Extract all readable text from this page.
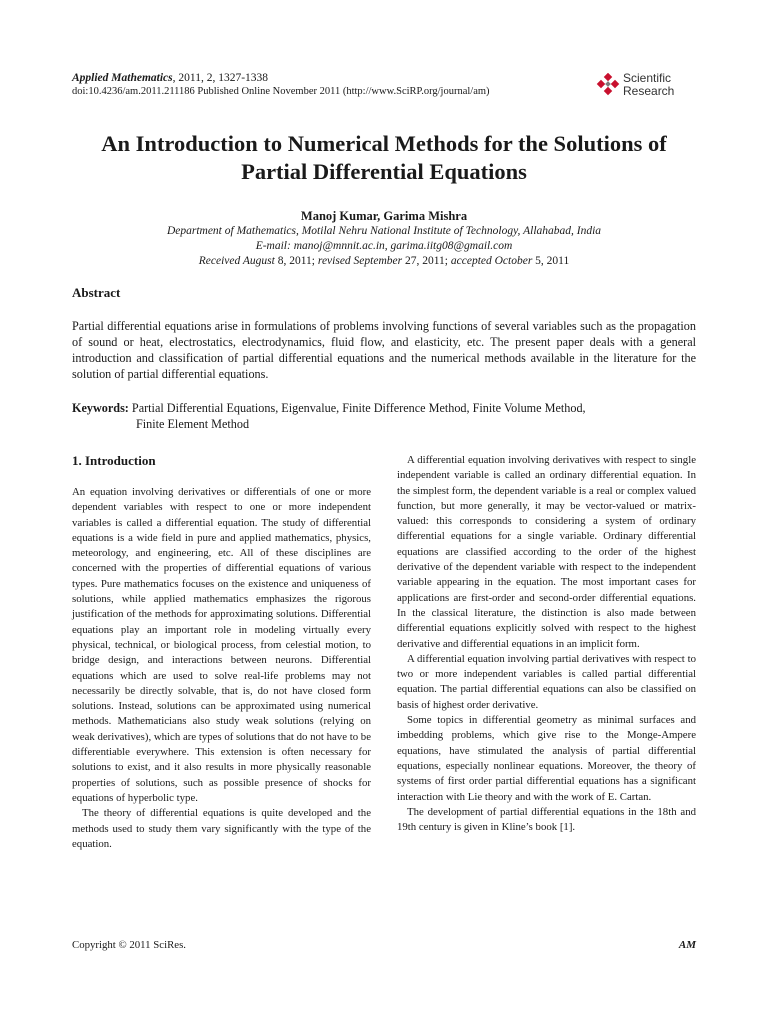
Applied Mathematics, 2011, 2, 1327-1338
doi:10.4236/am.2011.211186 Published Online November 2011 (http://www.SciRP.org/journal/am)
Scientific
Research
An Introduction to Numerical Methods for the Solutions of
Partial Differential Equations
Manoj Kumar, Garima Mishra
Department of Mathematics, Motilal Nehru National Institute of Technology, Allahabad, India
E-mail: manoj@mnnit.ac.in, garima.iitg08@gmail.com
Received August 8, 2011; revised September 27, 2011; accepted October 5, 2011
Abstract
Partial differential equations arise in formulations of problems involving functions of several variables such as the propagation of sound or heat, electrostatics, electrodynamics, fluid flow, and elasticity, etc. The present paper deals with a general introduction and classification of partial differential equations and the numerical methods available in the literature for the solution of partial differential equations.
Keywords: Partial Differential Equations, Eigenvalue, Finite Difference Method, Finite Volume Method,
Finite Element Method
1. Introduction

An equation involving derivatives or differentials of one or more dependent variables with respect to one or more independent variables is called a differential equation. The study of differential equations is a wide field in pure and applied mathematics, physics, meteorology, and engineering, etc. All of these disciplines are concerned with the properties of differential equations of various types. Pure mathematics focuses on the existence and uniqueness of solutions, while applied mathematics emphasizes the rigorous justification of the methods for approximating solutions. Differential equations play an important role in modeling virtually every physical, technical, or biological process, from celestial motion, to bridge design, and interactions between neurons. Differential equations which are used to solve real-life problems may not necessarily be directly solvable, that is, do not have closed form solutions. Instead, solutions can be approximated using numerical methods. Mathematicians also study weak solutions (relying on weak derivatives), which are types of solutions that do not have to be differentiable everywhere. This extension is often necessary for solutions to exist, and it also results in more physically reasonable properties of solutions, such as possible presence of shocks for equations of hyperbolic type.

The theory of differential equations is quite developed and the methods used to study them vary significantly with the type of the equation.

A differential equation involving derivatives with respect to single independent variable is called an ordinary differential equation. In the simplest form, the dependent variable is a real or complex valued function, but more generally, it may be vector-valued or matrix-valued: this corresponds to considering a system of ordinary differential equations for a single variable. Ordinary differential equations are classified according to the order of the highest derivative of the dependent variable with respect to the independent variable appearing in the equation. The most important cases for applications are first-order and second-order differential equations. In the classical literature, the distinction is also made between differential equations explicitly solved with respect to the highest derivative and differential equations in an implicit form.

A differential equation involving partial derivatives with respect to two or more independent variables is called partial differential equation. The partial differential equations can also be classified on basis of highest order derivative.

Some topics in differential geometry as minimal surfaces and imbedding problems, which give rise to the Monge-Ampere equations, have stimulated the analysis of partial differential equations, especially nonlinear equations. Moreover, the theory of systems of first order partial differential equations has a significant interaction with Lie theory and with the work of E. Cartan.

The development of partial differential equations in the 18th and 19th century is given in Kline’s book [1].

Copyright © 2011 SciRes.	AM
